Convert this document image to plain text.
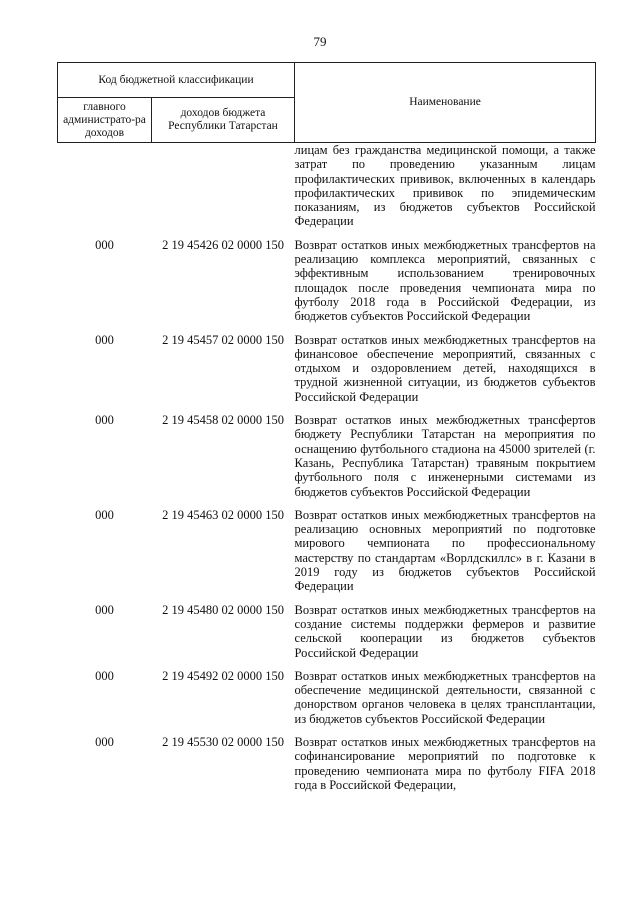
79
Код бюджетной классификации		Наименование
главного администрато-ра доходов	доходов бюджета Республики Татарстан	
		лицам без гражданства медицинской помощи, а также затрат по проведению указанным лицам профилактических прививок, включенных в календарь профилактических прививок по эпидемическим показаниям, из бюджетов субъектов Российской Федерации
000	2 19 45426 02 0000 150	Возврат остатков иных межбюджетных трансфертов на реализацию комплекса мероприятий, связанных с эффективным использованием тренировочных площадок после проведения чемпионата мира по футболу 2018 года в Российской Федерации, из бюджетов субъектов Российской Федерации
000	2 19 45457 02 0000 150	Возврат остатков иных межбюджетных трансфертов на финансовое обеспечение мероприятий, связанных с отдыхом и оздоровлением детей, находящихся в трудной жизненной ситуации, из бюджетов субъектов Российской Федерации
000	2 19 45458 02 0000 150	Возврат остатков иных межбюджетных трансфертов бюджету Республики Татарстан на мероприятия по оснащению футбольного стадиона на 45000 зрителей (г. Казань, Республика Татарстан) травяным покрытием футбольного поля с инженерными системами из бюджетов субъектов Российской Федерации
000	2 19 45463 02 0000 150	Возврат остатков иных межбюджетных трансфертов на реализацию основных мероприятий по подготовке мирового чемпионата по профессиональному мастерству по стандартам «Ворлдскиллс» в г. Казани в 2019 году из бюджетов субъектов Российской Федерации
000	2 19 45480 02 0000 150	Возврат остатков иных межбюджетных трансфертов на создание системы поддержки фермеров и развитие сельской кооперации из бюджетов субъектов Российской Федерации
000	2 19 45492 02 0000 150	Возврат остатков иных межбюджетных трансфертов на обеспечение медицинской деятельности, связанной с донорством органов человека в целях трансплантации, из бюджетов субъектов Российской Федерации
000	2 19 45530 02 0000 150	Возврат остатков иных межбюджетных трансфертов на софинансирование мероприятий по подготовке к проведению чемпионата мира по футболу FIFA 2018 года в Российской Федерации,
